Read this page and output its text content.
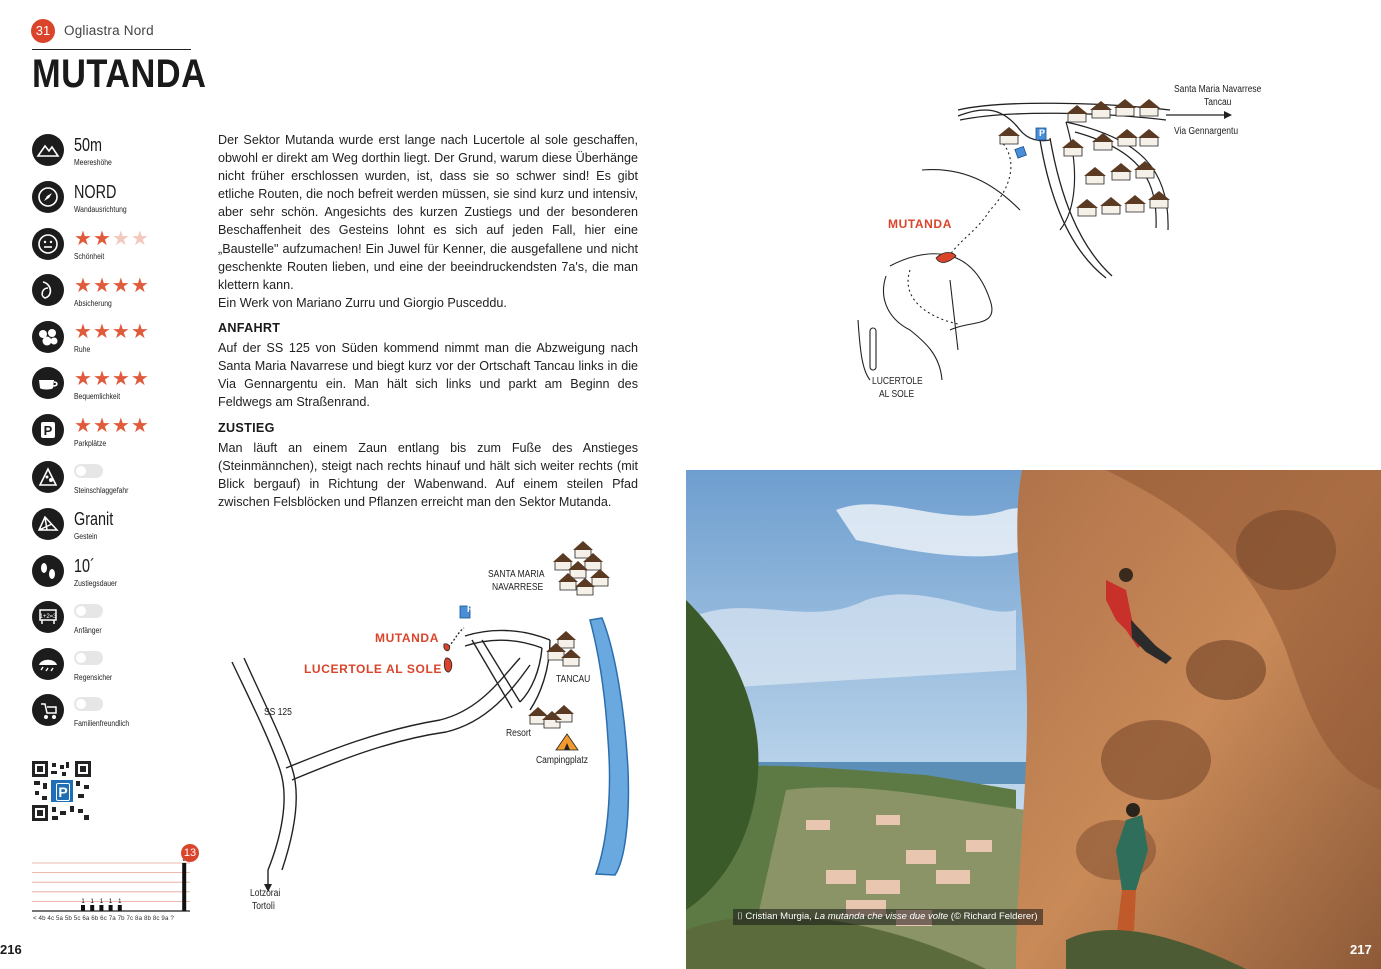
31	Ogliastra Nord
MUTANDA
50m
Meereshöhe
NORD
Wandausrichtung
★★★★
Schönheit
★★★★
Absicherung
★★★★
Ruhe
★★★★
Bequemlichkeit
P ★★★★
Parkplätze
Steinschlaggefahr
Granit
Gestein
10´
Zustiegsdauer
1+2=3
Anfänger
Regensicher
Familienfreundlich
P
1 1 1 1 1
13
< 4b 4c 5a 5b 5c 6a 6b 6c 7a 7b 7c 8a 8b 8c 9a ?
216
Der Sektor Mutanda wurde erst lange nach Lucertole al sole geschaffen, obwohl er direkt am Weg dorthin liegt. Der Grund, warum diese Überhänge nicht früher erschlossen wurden, ist, dass sie so schwer sind! Es gibt etliche Routen, die noch befreit werden müssen, sie sind kurz und intensiv, aber sehr schön. Angesichts des kurzen Zustiegs und der besonderen Beschaffenheit des Gesteins lohnt es sich auf jeden Fall, hier eine „Baustelle" aufzumachen! Ein Juwel für Kenner, die ausgefallene und nicht geschenkte Routen lieben, und eine der beeindruckendsten 7a's, die man klettern kann.
Ein Werk von Mariano Zurru und Giorgio Pusceddu.
ANFAHRT
Auf der SS 125 von Süden kommend nimmt man die Abzweigung nach Santa Maria Navarrese und biegt kurz vor der Ortschaft Tancau links in die Via Gennargentu ein. Man hält sich links und parkt am Beginn des Feldwegs am Straßenrand.
ZUSTIEG
Man läuft an einem Zaun entlang bis zum Fuße des Anstieges (Steinmännchen), steigt nach rechts hinauf und hält sich weiter rechts (mit Blick bergauf) in Richtung der Wabenwand. Auf einem steilen Pfad zwischen Felsblöcken und Pflanzen erreicht man den Sektor Mutanda.
P
SANTA MARIA
NAVARRESE
MUTANDA
LUCERTOLE AL SOLE
TANCAU
SS 125
Resort
Campingplatz
Lotzorai
Tortolì
P
Santa Maria Navarrese
Tancau
Via Gennargentu
MUTANDA
LUCERTOLE
AL SOLE
⌷ Cristian Murgia, La mutanda che visse due volte (© Richard Felderer)
217
